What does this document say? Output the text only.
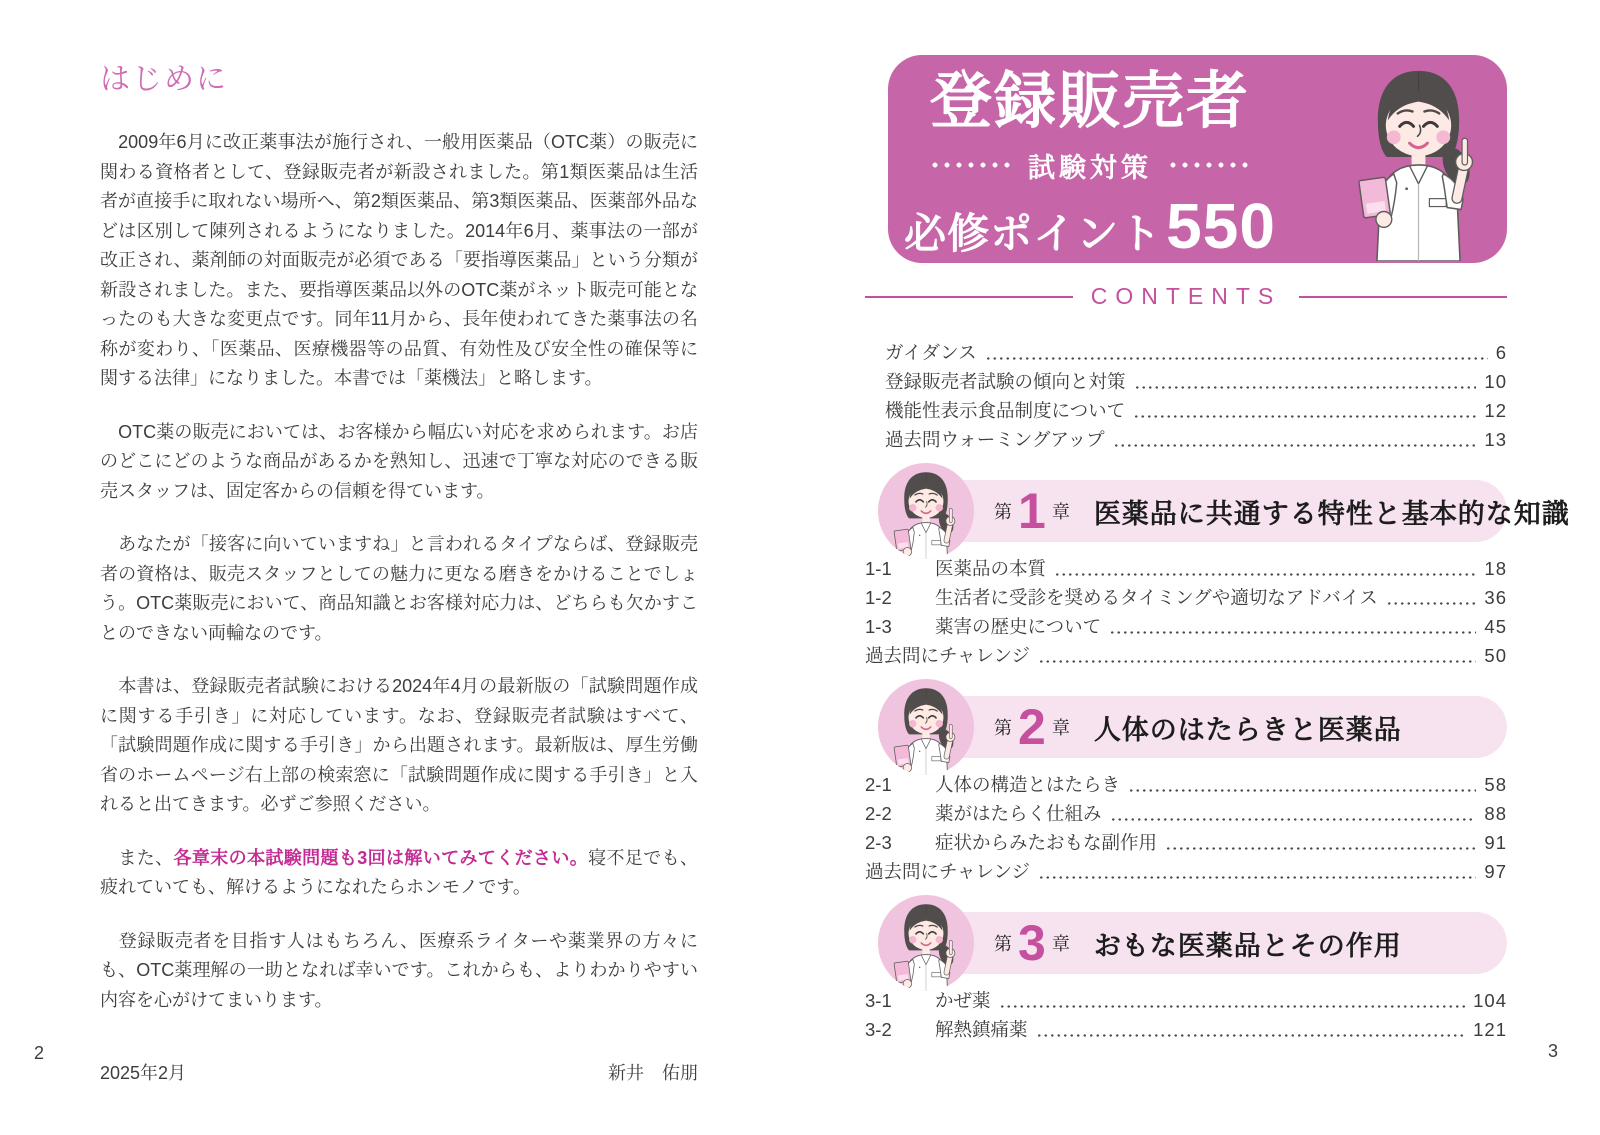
はじめに

　2009年6月に改正薬事法が施行され、一般用医薬品（OTC薬）の販売に関わる資格者として、登録販売者が新設されました。第1類医薬品は生活者が直接手に取れない場所へ、第2類医薬品、第3類医薬品、医薬部外品などは区別して陳列されるようになりました。2014年6月、薬事法の一部が改正され、薬剤師の対面販売が必須である「要指導医薬品」という分類が新設されました。また、要指導医薬品以外のOTC薬がネット販売可能となったのも大きな変更点です。同年11月から、長年使われてきた薬事法の名称が変わり、「医薬品、医療機器等の品質、有効性及び安全性の確保等に関する法律」になりました。本書では「薬機法」と略します。

　OTC薬の販売においては、お客様から幅広い対応を求められます。お店のどこにどのような商品があるかを熟知し、迅速で丁寧な対応のできる販売スタッフは、固定客からの信頼を得ています。

　あなたが「接客に向いていますね」と言われるタイプならば、登録販売者の資格は、販売スタッフとしての魅力に更なる磨きをかけることでしょう。OTC薬販売において、商品知識とお客様対応力は、どちらも欠かすことのできない両輪なのです。

　本書は、登録販売者試験における2024年4月の最新版の「試験問題作成に関する手引き」に対応しています。なお、登録販売者試験はすべて、「試験問題作成に関する手引き」から出題されます。最新版は、厚生労働省のホームページ右上部の検索窓に「試験問題作成に関する手引き」と入れると出てきます。必ずご参照ください。

　また、各章末の本試験問題も3回は解いてみてください。寝不足でも、疲れていても、解けるようになれたらホンモノです。

　登録販売者を目指す人はもちろん、医療系ライターや薬業界の方々にも、OTC薬理解の一助となれば幸いです。これからも、よりわかりやすい内容を心がけてまいります。

2025年2月	新井　佑朋
2
登録販売者
試験対策
必修ポイント 550
CONTENTS
ガイダンス	6
登録販売者試験の傾向と対策	10
機能性表示食品制度について	12
過去問ウォーミングアップ	13
第 1 章 医薬品に共通する特性と基本的な知識
1-1	医薬品の本質	18
1-2	生活者に受診を奨めるタイミングや適切なアドバイス	36
1-3	薬害の歴史について	45
過去問にチャレンジ	50
第 2 章 人体のはたらきと医薬品
2-1	人体の構造とはたらき	58
2-2	薬がはたらく仕組み	88
2-3	症状からみたおもな副作用	91
過去問にチャレンジ	97
第 3 章 おもな医薬品とその作用
3-1	かぜ薬	104
3-2	解熱鎮痛薬	121
3
